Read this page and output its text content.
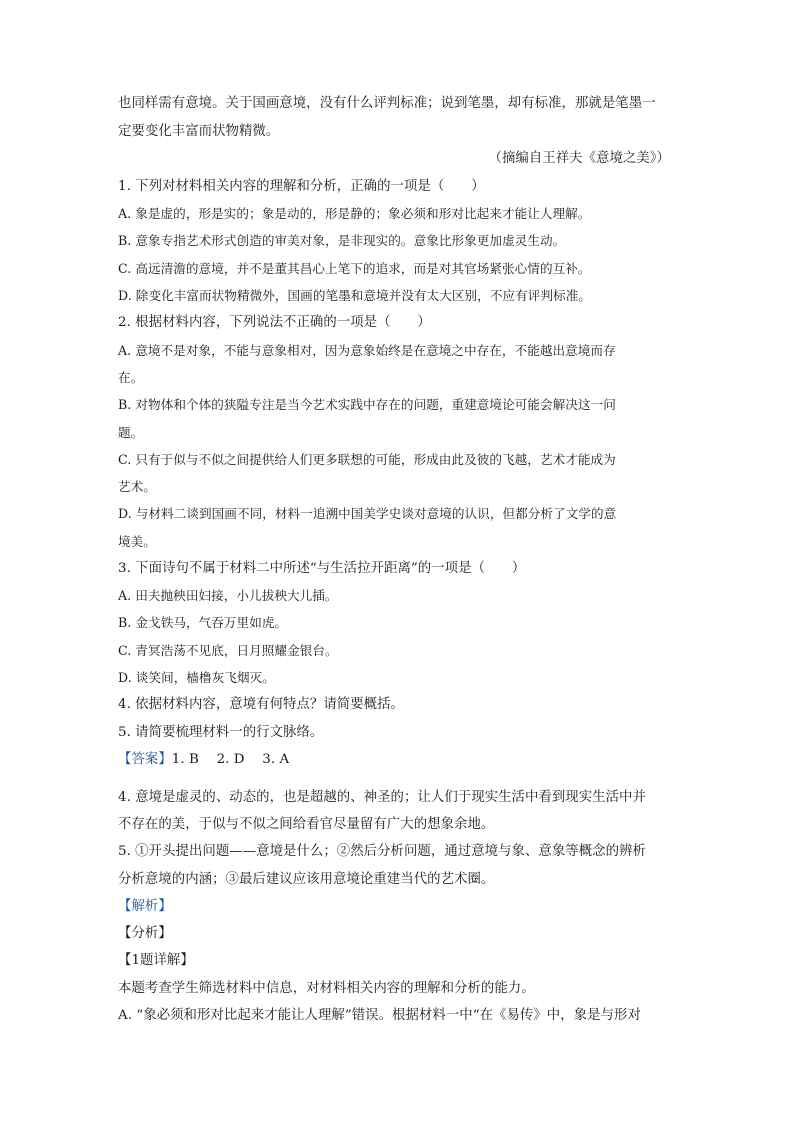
也同样需有意境。关于国画意境，没有什么评判标准；说到笔墨，却有标准，那就是笔墨一
定要变化丰富而状物精微。
（摘编自王祥夫《意境之美》）
1. 下列对材料相关内容的理解和分析，正确的一项是（　　）
A. 象是虚的，形是实的；象是动的，形是静的；象必须和形对比起来才能让人理解。
B. 意象专指艺术形式创造的审美对象，是非现实的。意象比形象更加虚灵生动。
C. 高远清澹的意境，并不是董其昌心上笔下的追求，而是对其官场紧张心情的互补。
D. 除变化丰富而状物精微外，国画的笔墨和意境并没有太大区别，不应有评判标准。
2. 根据材料内容，下列说法不正确的一项是（　　）
A. 意境不是对象，不能与意象相对，因为意象始终是在意境之中存在，不能越出意境而存
在。
B. 对物体和个体的狭隘专注是当今艺术实践中存在的问题，重建意境论可能会解决这一问
题。
C. 只有于似与不似之间提供给人们更多联想的可能，形成由此及彼的飞越，艺术才能成为
艺术。
D. 与材料二谈到国画不同，材料一追溯中国美学史谈对意境的认识，但都分析了文学的意
境美。
3. 下面诗句不属于材料二中所述“与生活拉开距离”的一项是（　　）
A. 田夫抛秧田妇接，小儿拔秧大儿插。
B. 金戈铁马，气吞万里如虎。
C. 青冥浩荡不见底，日月照耀金银台。
D. 谈笑间，樯橹灰飞烟灭。
4. 依据材料内容，意境有何特点？请简要概括。
5. 请简要梳理材料一的行文脉络。
【答案】1. B　 2. D　 3. A
4. 意境是虚灵的、动态的，也是超越的、神圣的；让人们于现实生活中看到现实生活中并
不存在的美，于似与不似之间给看官尽量留有广大的想象余地。
5. ①开头提出问题——意境是什么；②然后分析问题，通过意境与象、意象等概念的辨析
分析意境的内涵；③最后建议应该用意境论重建当代的艺术圈。
【解析】
【分析】
【1题详解】
本题考查学生筛选材料中信息，对材料相关内容的理解和分析的能力。
A. “象必须和形对比起来才能让人理解”错误。根据材料一中“在《易传》中，象是与形对
